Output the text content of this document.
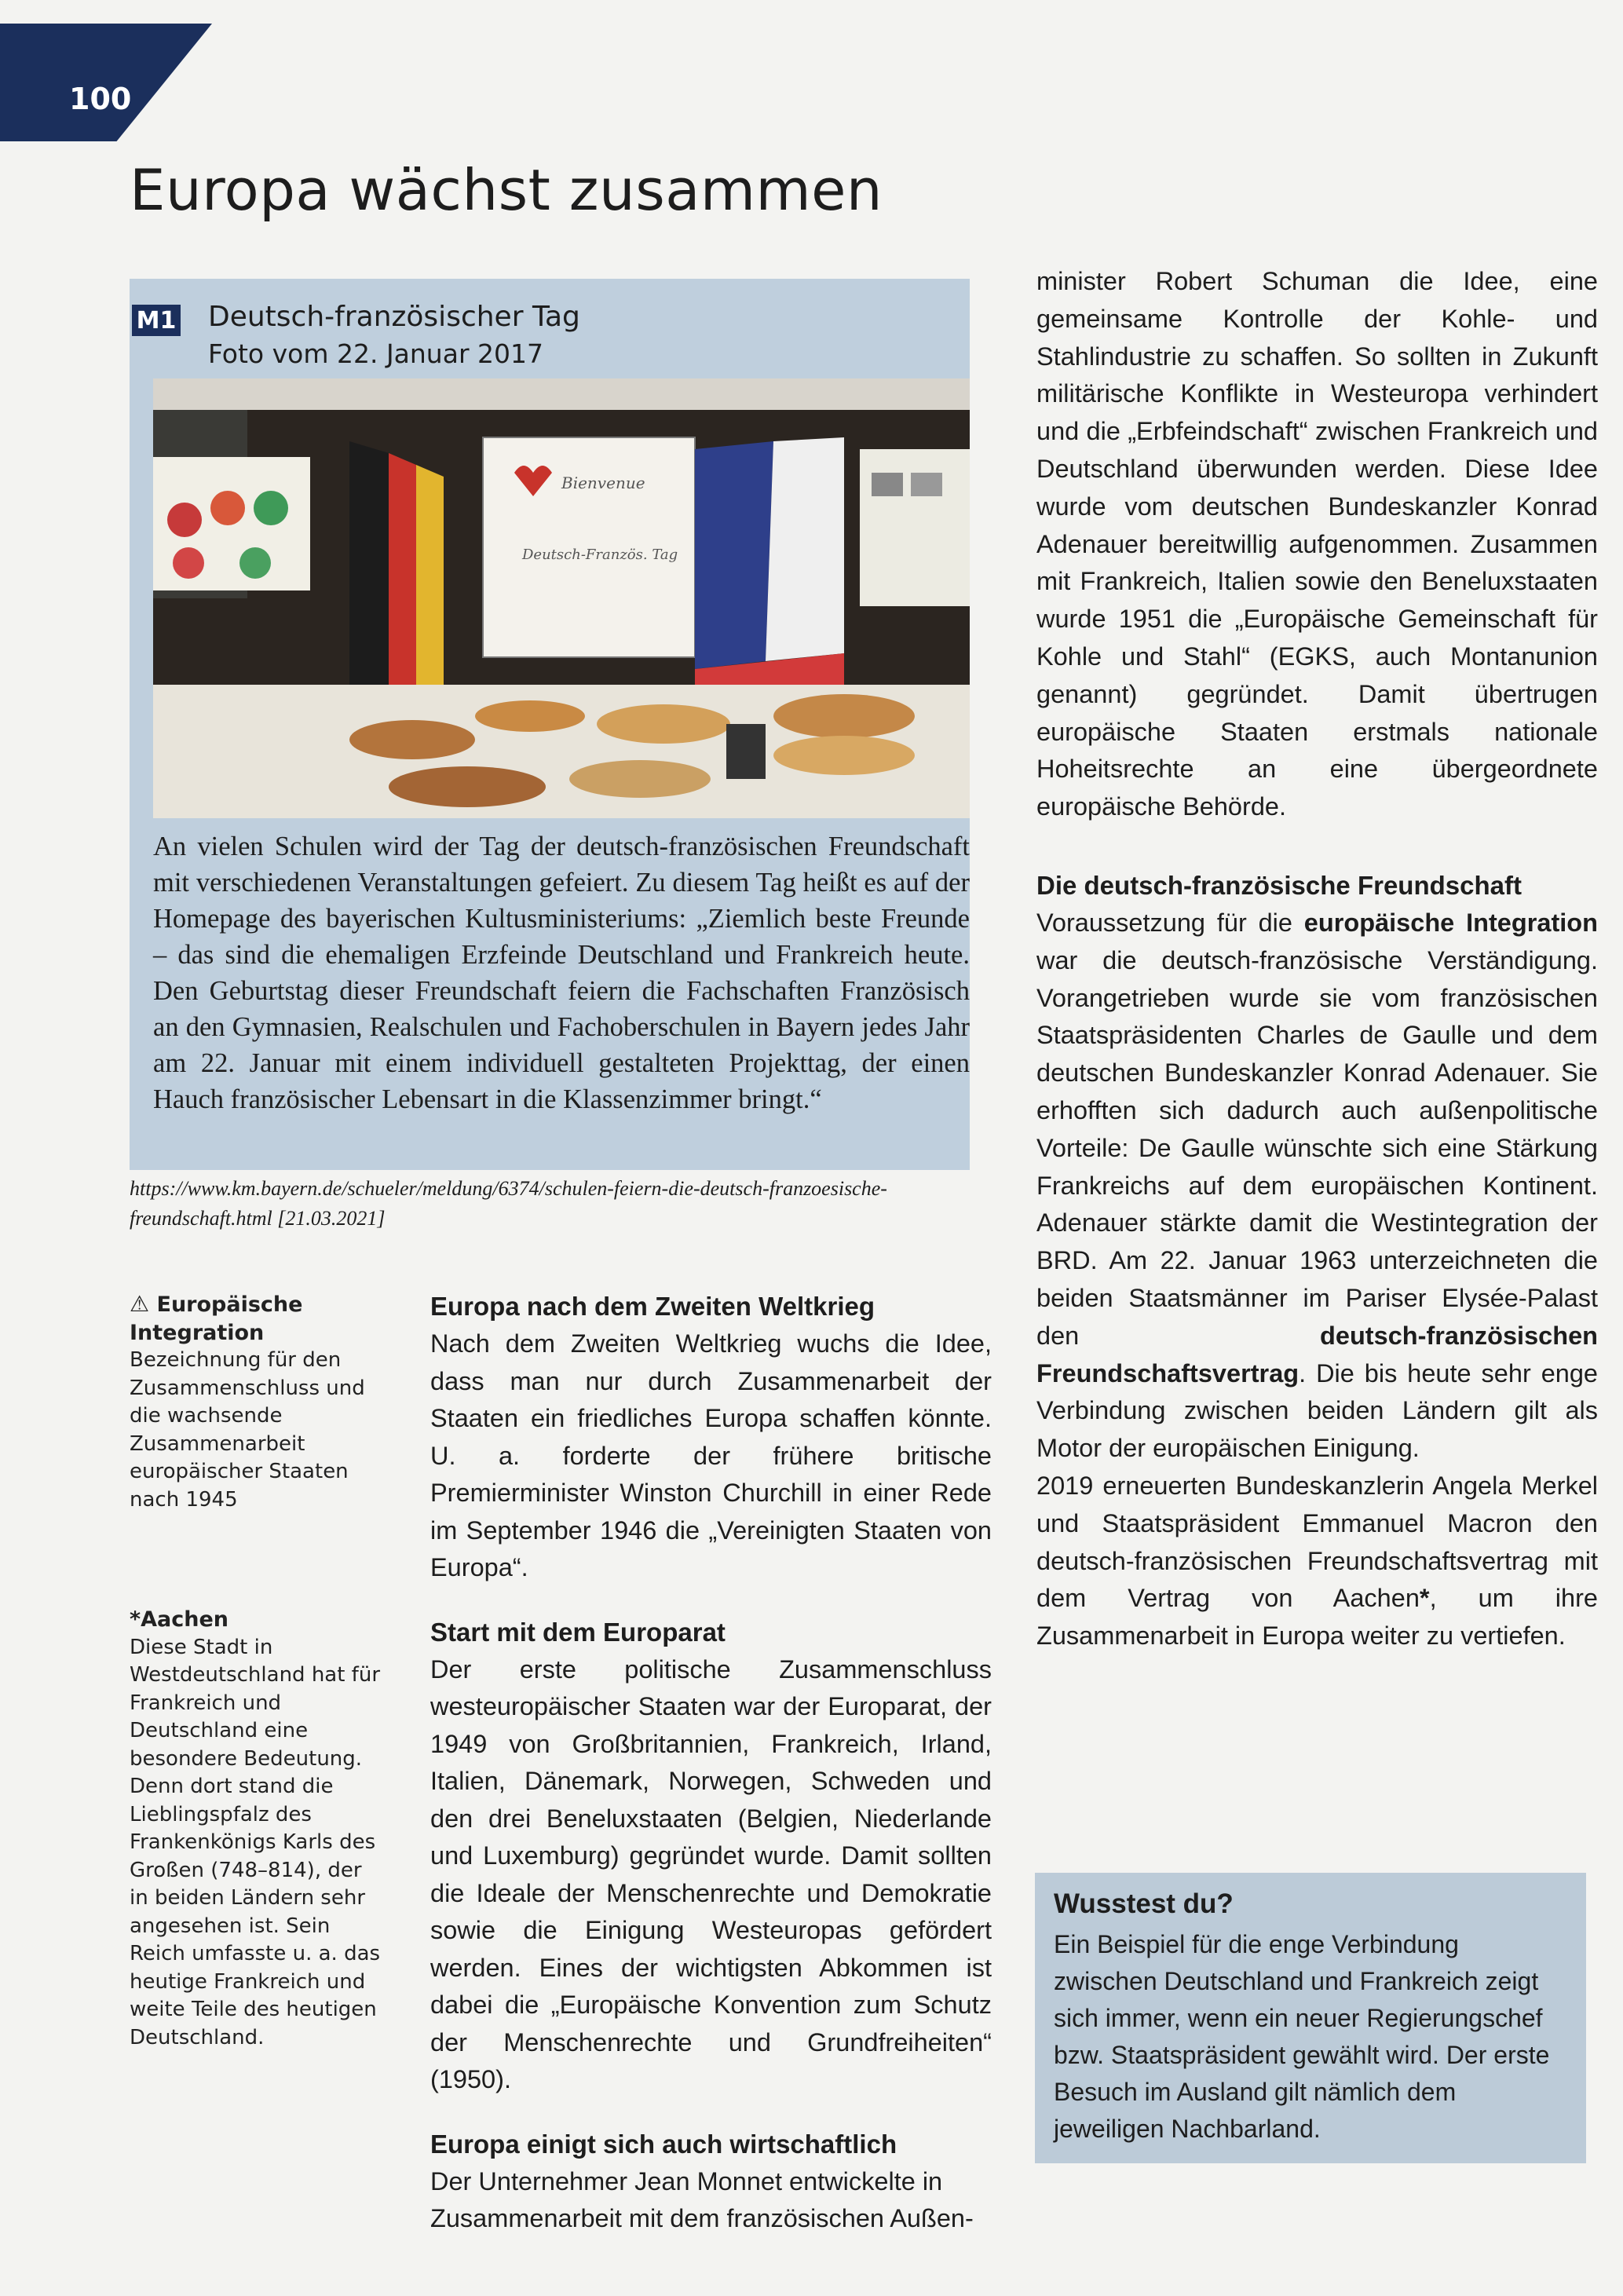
100
Europa wächst zusammen
M1 Deutsch-französischer Tag
Foto vom 22. Januar 2017
Bienvenue
Deutsch-Französ. Tag

An vielen Schulen wird der Tag der deutsch-französischen Freundschaft mit verschiedenen Veranstaltungen gefeiert. Zu diesem Tag heißt es auf der Homepage des bayerischen Kultusministeriums: „Ziemlich beste Freunde – das sind die ehemaligen Erzfeinde Deutschland und Frankreich heute. Den Geburtstag dieser Freundschaft feiern die Fachschaften Französisch an den Gymnasien, Realschulen und Fachoberschulen in Bayern jedes Jahr am 22. Januar mit einem individuell gestalteten Projekttag, der einen Hauch französischer Lebensart in die Klassenzimmer bringt.“

https://www.km.bayern.de/schueler/meldung/6374/schulen-feiern-die-deutsch-franzoesische-freundschaft.html [21.03.2021]
⚠ Europäische Integration
Bezeichnung für den Zusammenschluss und die wachsende Zusammenarbeit europäischer Staaten nach 1945
*Aachen
Diese Stadt in Westdeutschland hat für Frankreich und Deutschland eine besondere Bedeutung. Denn dort stand die Lieblingspfalz des Frankenkönigs Karls des Großen (748–814), der in beiden Ländern sehr angesehen ist. Sein Reich umfasste u. a. das heutige Frankreich und weite Teile des heutigen Deutschland.
Europa nach dem Zweiten Weltkrieg

Nach dem Zweiten Weltkrieg wuchs die Idee, dass man nur durch Zusammenarbeit der Staaten ein friedliches Europa schaffen könnte. U. a. forderte der frühere britische Premierminister Winston Churchill in einer Rede im September 1946 die „Vereinigten Staaten von Europa“.

Start mit dem Europarat

Der erste politische Zusammenschluss westeuropäischer Staaten war der Europarat, der 1949 von Großbritannien, Frankreich, Irland, Italien, Dänemark, Norwegen, Schweden und den drei Beneluxstaaten (Belgien, Niederlande und Luxemburg) gegründet wurde. Damit sollten die Ideale der Menschenrechte und Demokratie sowie die Einigung Westeuropas gefördert werden. Eines der wichtigsten Abkommen ist dabei die „Europäische Konvention zum Schutz der Menschenrechte und Grundfreiheiten“ (1950).

Europa einigt sich auch wirtschaftlich

Der Unternehmer Jean Monnet entwickelte in Zusammenarbeit mit dem französischen Außen-

minister Robert Schuman die Idee, eine gemeinsame Kontrolle der Kohle- und Stahlindustrie zu schaffen. So sollten in Zukunft militärische Konflikte in Westeuropa verhindert und die „Erbfeindschaft“ zwischen Frankreich und Deutschland überwunden werden. Diese Idee wurde vom deutschen Bundeskanzler Konrad Adenauer bereitwillig aufgenommen. Zusammen mit Frankreich, Italien sowie den Beneluxstaaten wurde 1951 die „Europäische Gemeinschaft für Kohle und Stahl“ (EGKS, auch Montanunion genannt) gegründet. Damit übertrugen europäische Staaten erstmals nationale Hoheitsrechte an eine übergeordnete europäische Behörde.

Die deutsch-französische Freundschaft

Voraussetzung für die europäische Integration war die deutsch-französische Verständigung. Vorangetrieben wurde sie vom französischen Staatspräsidenten Charles de Gaulle und dem deutschen Bundeskanzler Konrad Adenauer. Sie erhofften sich dadurch auch außenpolitische Vorteile: De Gaulle wünschte sich eine Stärkung Frankreichs auf dem europäischen Kontinent. Adenauer stärkte damit die Westintegration der BRD. Am 22. Januar 1963 unterzeichneten die beiden Staatsmänner im Pariser Elysée-Palast den deutsch-französischen Freundschaftsvertrag. Die bis heute sehr enge Verbindung zwischen beiden Ländern gilt als Motor der europäischen Einigung.

2019 erneuerten Bundeskanzlerin Angela Merkel und Staatspräsident Emmanuel Macron den deutsch-französischen Freundschaftsvertrag mit dem Vertrag von Aachen*, um ihre Zusammenarbeit in Europa weiter zu vertiefen.

Wusstest du?

Ein Beispiel für die enge Verbindung zwischen Deutschland und Frankreich zeigt sich immer, wenn ein neuer Regierungschef bzw. Staatspräsident gewählt wird. Der erste Besuch im Ausland gilt nämlich dem jeweiligen Nachbarland.
